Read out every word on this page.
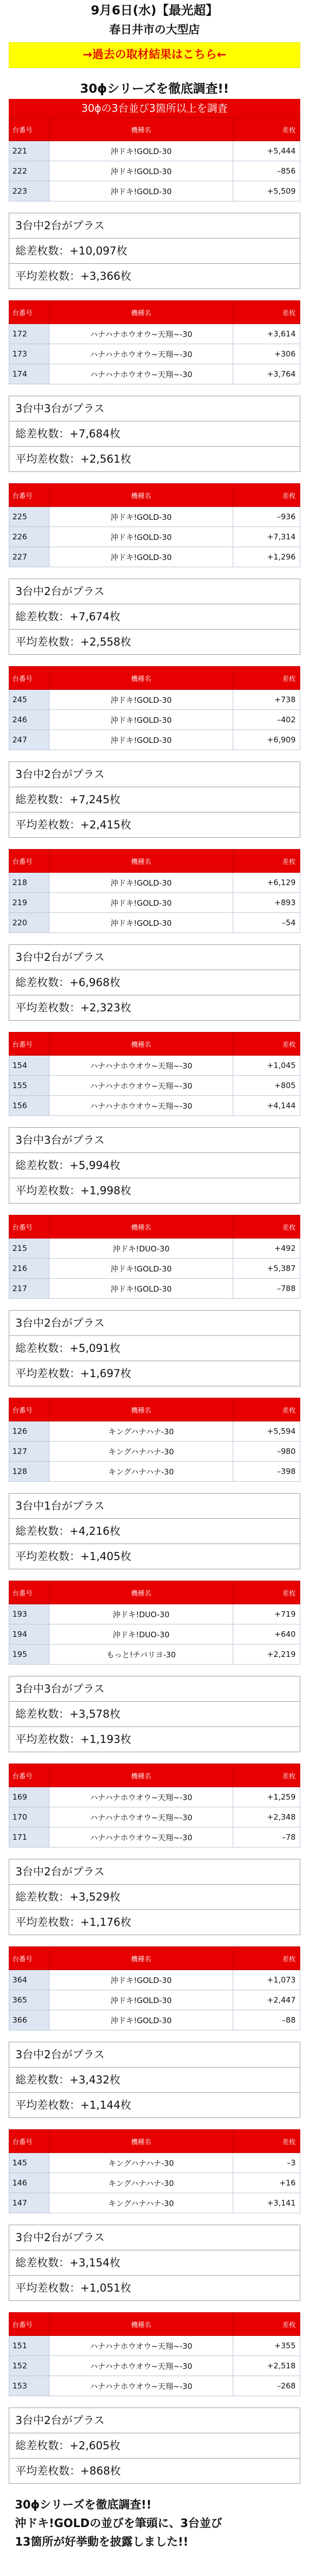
9月6日(水)【最光超】
春日井市の大型店
→過去の取材結果はこちら←
30ϕシリーズを徹底調査!!
30ϕの3台並び3箇所以上を調査
台番号	機種名	差枚
221	沖ドキ!GOLD-30	+5,444
222	沖ドキ!GOLD-30	–856
223	沖ドキ!GOLD-30	+5,509
3台中2台がプラス
総差枚数：+10,097枚
平均差枚数：+3,366枚
台番号	機種名	差枚
172	ハナハナホウオウ~天翔~-30	+3,614
173	ハナハナホウオウ~天翔~-30	+306
174	ハナハナホウオウ~天翔~-30	+3,764
3台中3台がプラス
総差枚数：+7,684枚
平均差枚数：+2,561枚
台番号	機種名	差枚
225	沖ドキ!GOLD-30	–936
226	沖ドキ!GOLD-30	+7,314
227	沖ドキ!GOLD-30	+1,296
3台中2台がプラス
総差枚数：+7,674枚
平均差枚数：+2,558枚
台番号	機種名	差枚
245	沖ドキ!GOLD-30	+738
246	沖ドキ!GOLD-30	–402
247	沖ドキ!GOLD-30	+6,909
3台中2台がプラス
総差枚数：+7,245枚
平均差枚数：+2,415枚
台番号	機種名	差枚
218	沖ドキ!GOLD-30	+6,129
219	沖ドキ!GOLD-30	+893
220	沖ドキ!GOLD-30	–54
3台中2台がプラス
総差枚数：+6,968枚
平均差枚数：+2,323枚
台番号	機種名	差枚
154	ハナハナホウオウ~天翔~-30	+1,045
155	ハナハナホウオウ~天翔~-30	+805
156	ハナハナホウオウ~天翔~-30	+4,144
3台中3台がプラス
総差枚数：+5,994枚
平均差枚数：+1,998枚
台番号	機種名	差枚
215	沖ドキ!DUO-30	+492
216	沖ドキ!GOLD-30	+5,387
217	沖ドキ!GOLD-30	–788
3台中2台がプラス
総差枚数：+5,091枚
平均差枚数：+1,697枚
台番号	機種名	差枚
126	キングハナハナ-30	+5,594
127	キングハナハナ-30	–980
128	キングハナハナ-30	–398
3台中1台がプラス
総差枚数：+4,216枚
平均差枚数：+1,405枚
台番号	機種名	差枚
193	沖ドキ!DUO-30	+719
194	沖ドキ!DUO-30	+640
195	もっと!チバリヨ-30	+2,219
3台中3台がプラス
総差枚数：+3,578枚
平均差枚数：+1,193枚
台番号	機種名	差枚
169	ハナハナホウオウ~天翔~-30	+1,259
170	ハナハナホウオウ~天翔~-30	+2,348
171	ハナハナホウオウ~天翔~-30	–78
3台中2台がプラス
総差枚数：+3,529枚
平均差枚数：+1,176枚
台番号	機種名	差枚
364	沖ドキ!GOLD-30	+1,073
365	沖ドキ!GOLD-30	+2,447
366	沖ドキ!GOLD-30	–88
3台中2台がプラス
総差枚数：+3,432枚
平均差枚数：+1,144枚
台番号	機種名	差枚
145	キングハナハナ-30	–3
146	キングハナハナ-30	+16
147	キングハナハナ-30	+3,141
3台中2台がプラス
総差枚数：+3,154枚
平均差枚数：+1,051枚
台番号	機種名	差枚
151	ハナハナホウオウ~天翔~-30	+355
152	ハナハナホウオウ~天翔~-30	+2,518
153	ハナハナホウオウ~天翔~-30	–268
3台中2台がプラス
総差枚数：+2,605枚
平均差枚数：+868枚
30ϕシリーズを徹底調査!!
沖ドキ!GOLDの並びを筆頭に、3台並び
13箇所が好挙動を披露しました!!
